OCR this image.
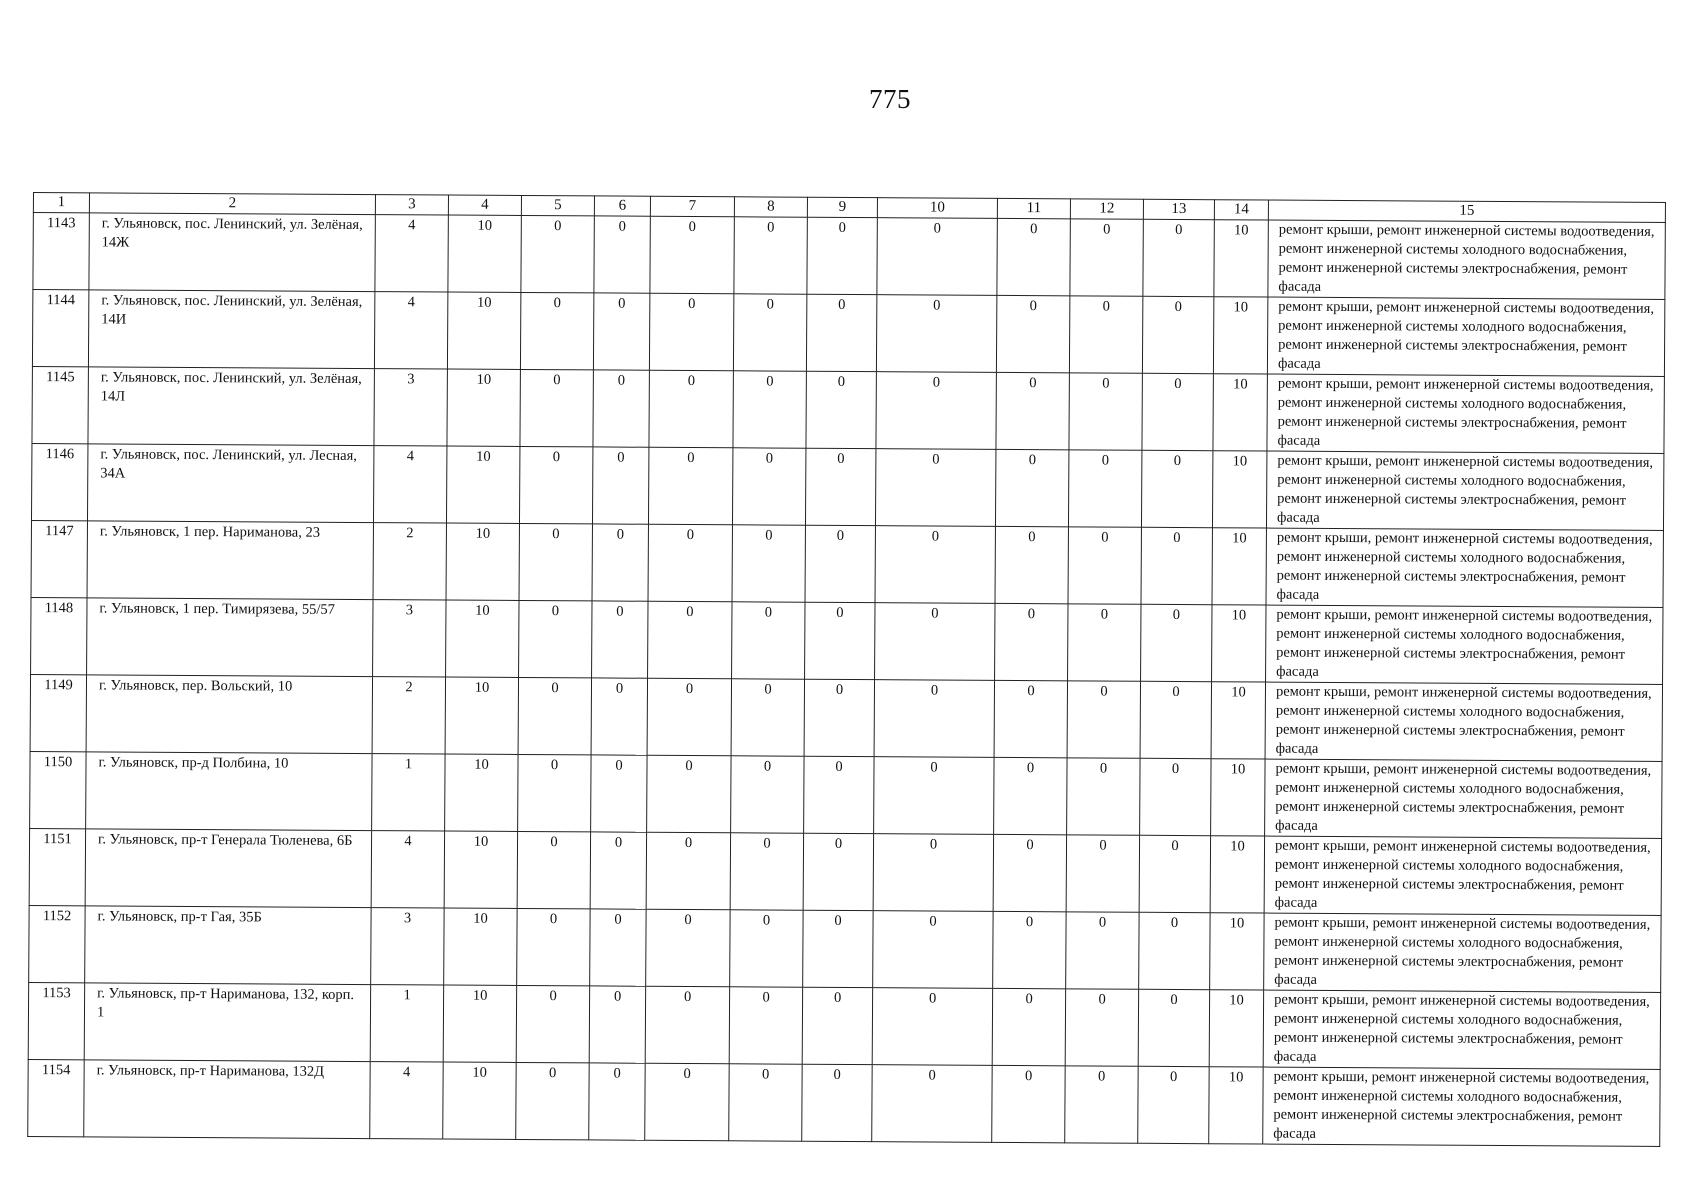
775
1	2	3	4	5	6	7	8	9	10	11	12	13	14	15
1143	г. Ульяновск, пос. Ленинский, ул. Зелёная, 14Ж	4	10	0	0	0	0	0	0	0	0	0	10	ремонт крыши, ремонт инженерной системы водоотведения, ремонт инженерной системы холодного водоснабжения, ремонт инженерной системы электроснабжения, ремонт фасада
1144	г. Ульяновск, пос. Ленинский, ул. Зелёная, 14И	4	10	0	0	0	0	0	0	0	0	0	10	ремонт крыши, ремонт инженерной системы водоотведения, ремонт инженерной системы холодного водоснабжения, ремонт инженерной системы электроснабжения, ремонт фасада
1145	г. Ульяновск, пос. Ленинский, ул. Зелёная, 14Л	3	10	0	0	0	0	0	0	0	0	0	10	ремонт крыши, ремонт инженерной системы водоотведения, ремонт инженерной системы холодного водоснабжения, ремонт инженерной системы электроснабжения, ремонт фасада
1146	г. Ульяновск, пос. Ленинский, ул. Лесная, 34А	4	10	0	0	0	0	0	0	0	0	0	10	ремонт крыши, ремонт инженерной системы водоотведения, ремонт инженерной системы холодного водоснабжения, ремонт инженерной системы электроснабжения, ремонт фасада
1147	г. Ульяновск, 1 пер. Нариманова, 23	2	10	0	0	0	0	0	0	0	0	0	10	ремонт крыши, ремонт инженерной системы водоотведения, ремонт инженерной системы холодного водоснабжения, ремонт инженерной системы электроснабжения, ремонт фасада
1148	г. Ульяновск, 1 пер. Тимирязева, 55/57	3	10	0	0	0	0	0	0	0	0	0	10	ремонт крыши, ремонт инженерной системы водоотведения, ремонт инженерной системы холодного водоснабжения, ремонт инженерной системы электроснабжения, ремонт фасада
1149	г. Ульяновск, пер. Вольский, 10	2	10	0	0	0	0	0	0	0	0	0	10	ремонт крыши, ремонт инженерной системы водоотведения, ремонт инженерной системы холодного водоснабжения, ремонт инженерной системы электроснабжения, ремонт фасада
1150	г. Ульяновск, пр-д Полбина, 10	1	10	0	0	0	0	0	0	0	0	0	10	ремонт крыши, ремонт инженерной системы водоотведения, ремонт инженерной системы холодного водоснабжения, ремонт инженерной системы электроснабжения, ремонт фасада
1151	г. Ульяновск, пр-т Генерала Тюленева, 6Б	4	10	0	0	0	0	0	0	0	0	0	10	ремонт крыши, ремонт инженерной системы водоотведения, ремонт инженерной системы холодного водоснабжения, ремонт инженерной системы электроснабжения, ремонт фасада
1152	г. Ульяновск, пр-т Гая, 35Б	3	10	0	0	0	0	0	0	0	0	0	10	ремонт крыши, ремонт инженерной системы водоотведения, ремонт инженерной системы холодного водоснабжения, ремонт инженерной системы электроснабжения, ремонт фасада
1153	г. Ульяновск, пр-т Нариманова, 132, корп. 1	1	10	0	0	0	0	0	0	0	0	0	10	ремонт крыши, ремонт инженерной системы водоотведения, ремонт инженерной системы холодного водоснабжения, ремонт инженерной системы электроснабжения, ремонт фасада
1154	г. Ульяновск, пр-т Нариманова, 132Д	4	10	0	0	0	0	0	0	0	0	0	10	ремонт крыши, ремонт инженерной системы водоотведения, ремонт инженерной системы холодного водоснабжения, ремонт инженерной системы электроснабжения, ремонт фасада
